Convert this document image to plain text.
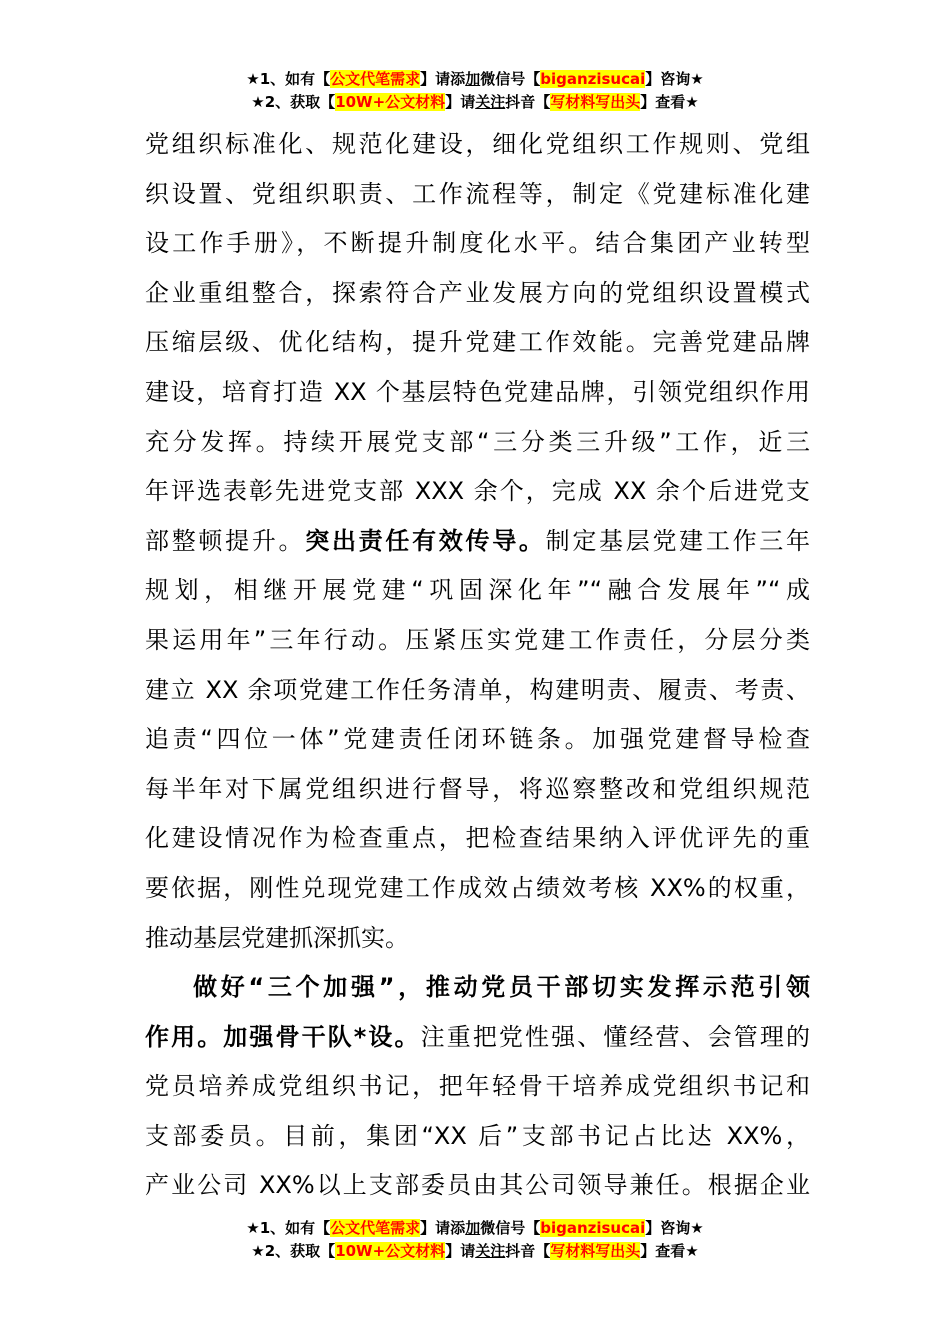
★1、如有【公文代笔需求】请添加微信号【biganzisucai】咨询★
★2、获取【10W+公文材料】请关注抖音【写材料写出头】查看★
党组织标准化、规范化建设，细化党组织工作规则、党组
织设置、党组织职责、工作流程等，制定《党建标准化建
设工作手册》，不断提升制度化水平。结合集团产业转型
企业重组整合，探索符合产业发展方向的党组织设置模式
压缩层级、优化结构，提升党建工作效能。完善党建品牌
建设，培育打造 XX 个基层特色党建品牌，引领党组织作用
充分发挥。持续开展党支部“三分类三升级”工作，近三
年评选表彰先进党支部 XXX 余个，完成 XX 余个后进党支
部整顿提升。突出责任有效传导。制定基层党建工作三年
规划，相继开展党建“巩固深化年”“融合发展年”“成
果运用年”三年行动。压紧压实党建工作责任，分层分类
建立 XX 余项党建工作任务清单，构建明责、履责、考责、
追责“四位一体”党建责任闭环链条。加强党建督导检查
每半年对下属党组织进行督导，将巡察整改和党组织规范
化建设情况作为检查重点，把检查结果纳入评优评先的重
要依据，刚性兑现党建工作成效占绩效考核 XX%的权重，
推动基层党建抓深抓实。
做好“三个加强”，推动党员干部切实发挥示范引领
作用。加强骨干队*设。注重把党性强、懂经营、会管理的
党员培养成党组织书记，把年轻骨干培养成党组织书记和
支部委员。目前，集团“XX 后”支部书记占比达 XX%，
产业公司 XX%以上支部委员由其公司领导兼任。根据企业
★1、如有【公文代笔需求】请添加微信号【biganzisucai】咨询★
★2、获取【10W+公文材料】请关注抖音【写材料写出头】查看★
